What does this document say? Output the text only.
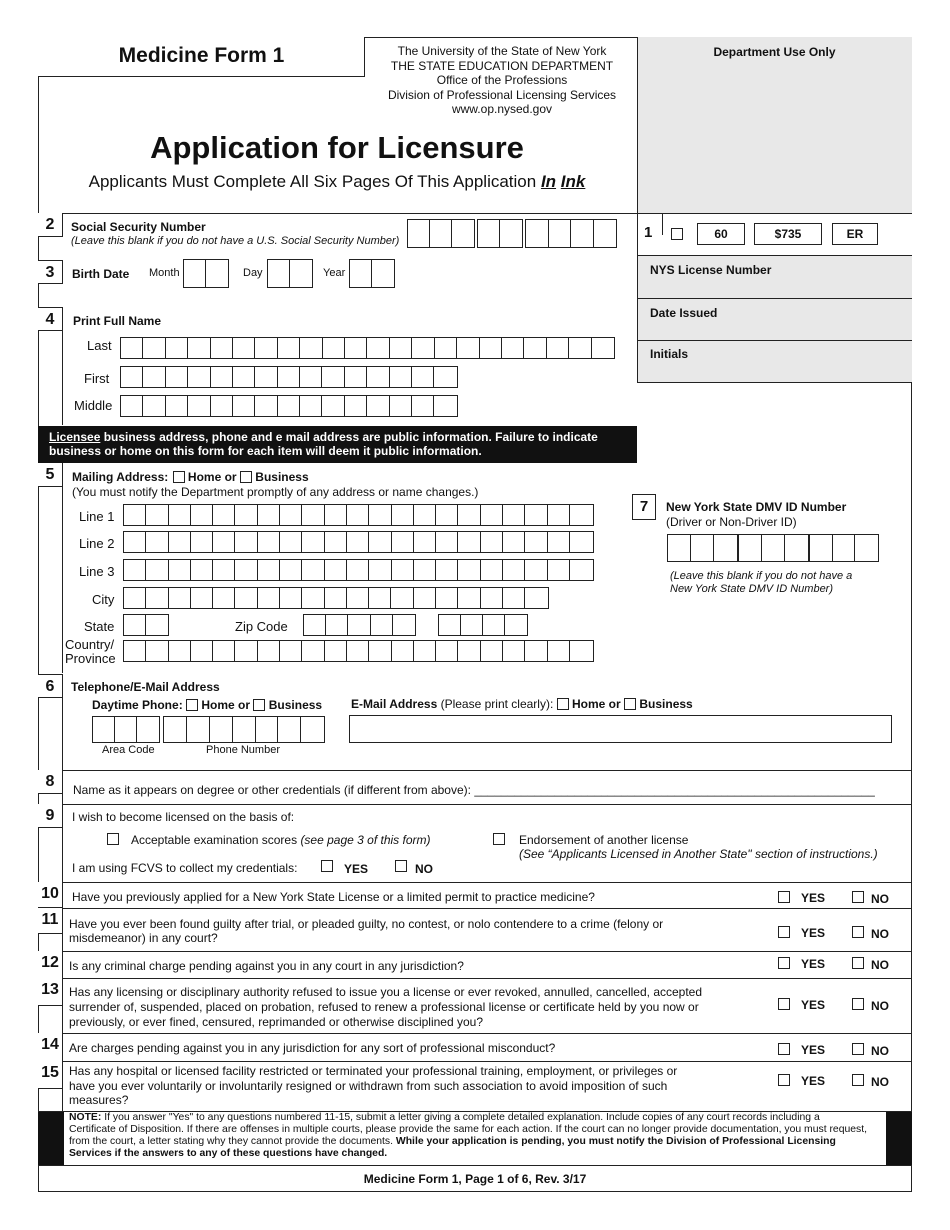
Medicine Form 1	The University of the State of New York
THE STATE EDUCATION DEPARTMENT
Office of the Professions
Division of Professional Licensing Services
www.op.nysed.gov
Application for Licensure
Applicants Must Complete All Six Pages Of This Application In Ink
Department Use Only
1	60	$735	ER
NYS License Number
Date Issued
Initials
2	Social Security Number
(Leave this blank if you do not have a U.S. Social Security Number)
3	Birth Date Month	Day	Year
4	Print Full Name
Last
First
Middle
Licensee business address, phone and e mail address are public information. Failure to indicate business or home on this form for each item will deem it public information.
5	Mailing Address: Home or Business
(You must notify the Department promptly of any address or name changes.)
Line 1
Line 2
Line 3
City
State	Zip Code
Country/
Province
7	New York State DMV ID Number
(Driver or Non-Driver ID)
(Leave this blank if you do not have a
New York State DMV ID Number)
6	Telephone/E-Mail Address
Daytime Phone: Home or Business E-Mail Address (Please print clearly): Home or Business
Area Code	Phone Number
8	Name as it appears on degree or other credentials (if different from above): ____________________________________________________________
9	I wish to become licensed on the basis of:
Acceptable examination scores (see page 3 of this form)	Endorsement of another license
(See “Applicants Licensed in Another State" section of instructions.)
I am using FCVS to collect my credentials:	YES	NO
10	Have you previously applied for a New York State License or a limited permit to practice medicine?	YES	NO
11 Have you ever been found guilty after trial, or pleaded guilty, no contest, or nolo contendere to a crime (felony or misdemeanor) in any court?	YES	NO
12 Is any criminal charge pending against you in any court in any jurisdiction?	YES	NO
13 Has any licensing or disciplinary authority refused to issue you a license or ever revoked, annulled, cancelled, accepted surrender of, suspended, placed on probation, refused to renew a professional license or certificate held by you now or previously, or ever fined, censured, reprimanded or otherwise disciplined you?
YES	NO
14 Are charges pending against you in any jurisdiction for any sort of professional misconduct?	YES	NO
15 Has any hospital or licensed facility restricted or terminated your professional training, employment, or privileges or have you ever voluntarily or involuntarily resigned or withdrawn from such association to avoid imposition of such measures?
YES	NO
NOTE: If you answer "Yes" to any questions numbered 11-15, submit a letter giving a complete detailed explanation. Include copies of any court records including a Certificate of Disposition. If there are offenses in multiple courts, please provide the same for each action. If the court can no longer provide documentation, you must request, from the court, a letter stating why they cannot provide the documents. While your application is pending, you must notify the Division of Professional Licensing Services if the answers to any of these questions have changed.
Medicine Form 1, Page 1 of 6, Rev. 3/17
